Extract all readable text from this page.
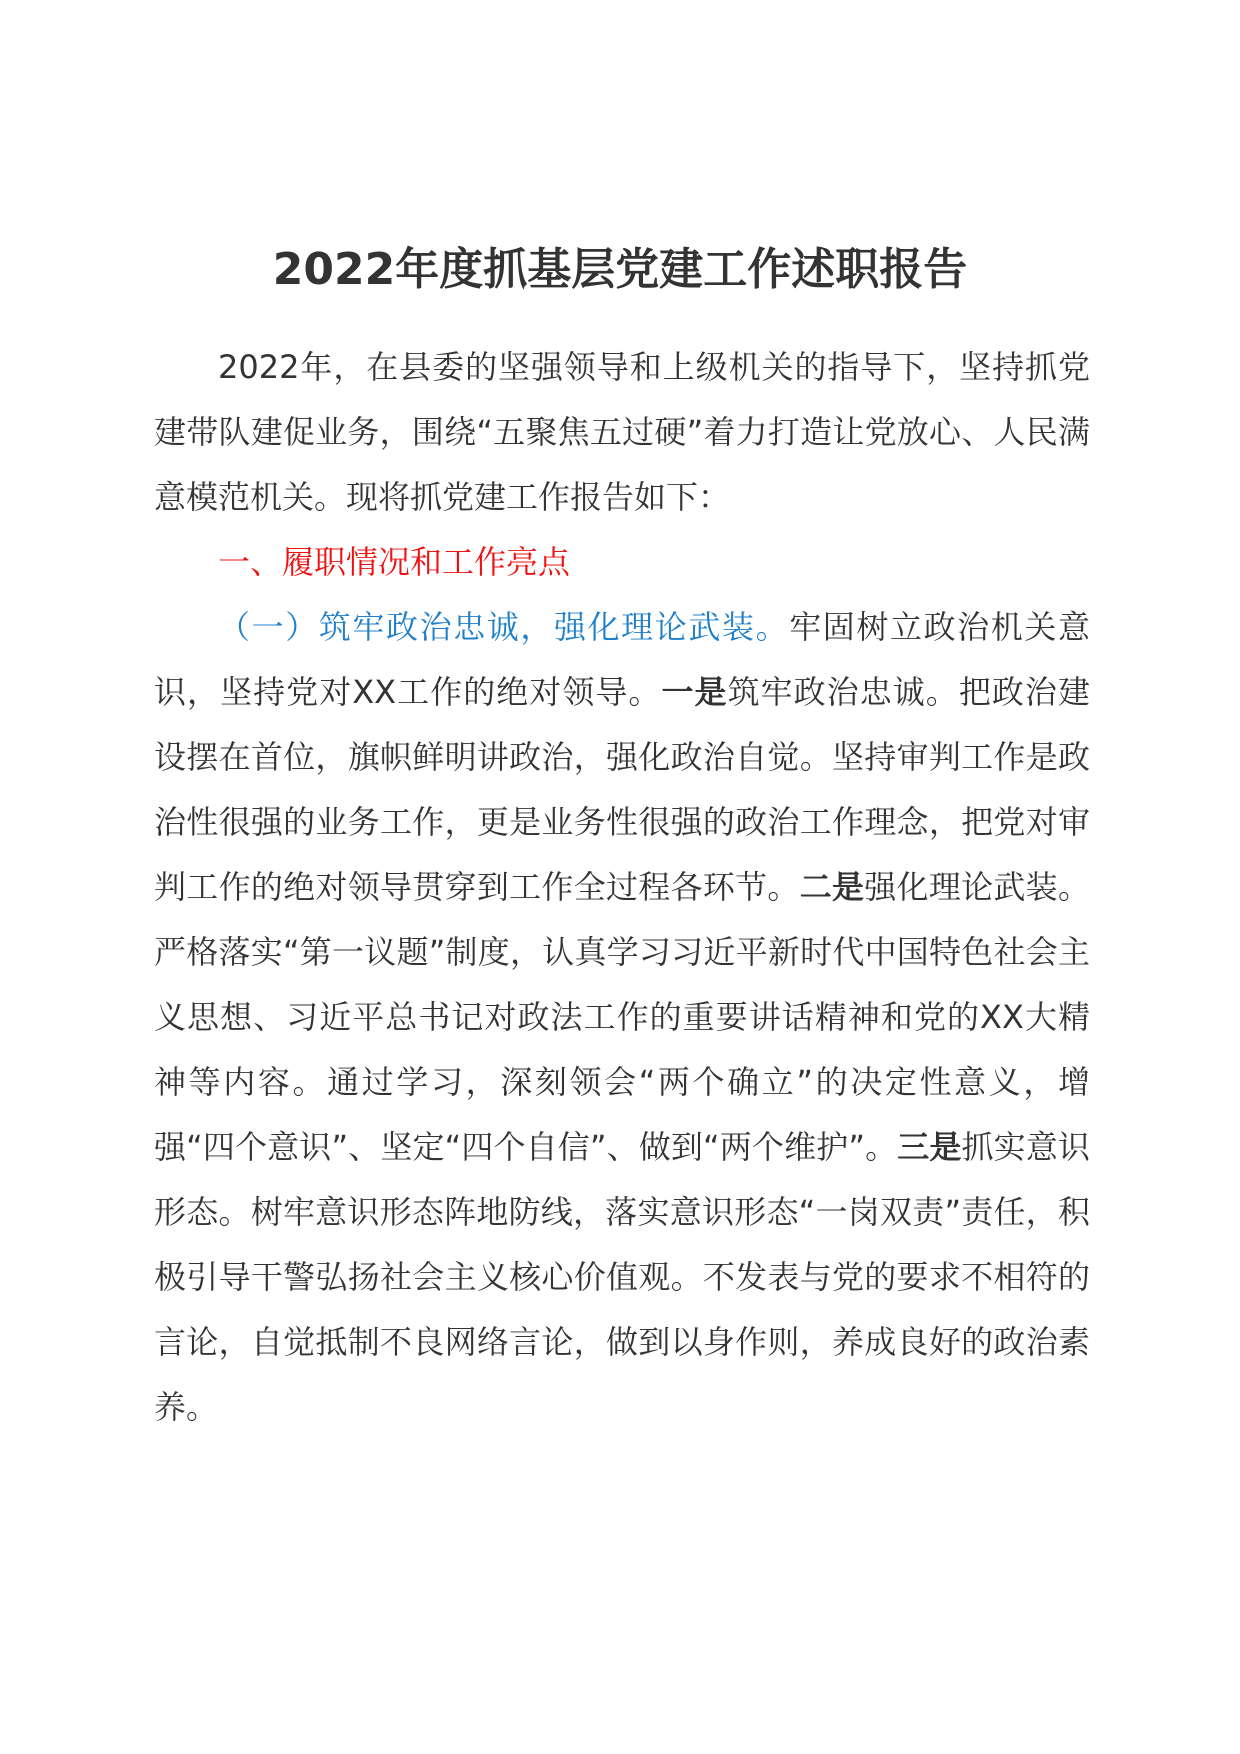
2022年度抓基层党建工作述职报告

2022年，在县委的坚强领导和上级机关的指导下，坚持抓党建带队建促业务，围绕“五聚焦五过硬”着力打造让党放心、人民满意模范机关。现将抓党建工作报告如下：

一、履职情况和工作亮点

（一）筑牢政治忠诚，强化理论武装。牢固树立政治机关意识，坚持党对XX工作的绝对领导。一是筑牢政治忠诚。把政治建设摆在首位，旗帜鲜明讲政治，强化政治自觉。坚持审判工作是政治性很强的业务工作，更是业务性很强的政治工作理念，把党对审判工作的绝对领导贯穿到工作全过程各环节。二是强化理论武装。严格落实“第一议题”制度，认真学习习近平新时代中国特色社会主义思想、习近平总书记对政法工作的重要讲话精神和党的XX大精神等内容。通过学习，深刻领会“两个确立”的决定性意义，增强“四个意识”、坚定“四个自信”、做到“两个维护”。三是抓实意识形态。树牢意识形态阵地防线，落实意识形态“一岗双责”责任，积极引导干警弘扬社会主义核心价值观。不发表与党的要求不相符的言论，自觉抵制不良网络言论，做到以身作则，养成良好的政治素养。
